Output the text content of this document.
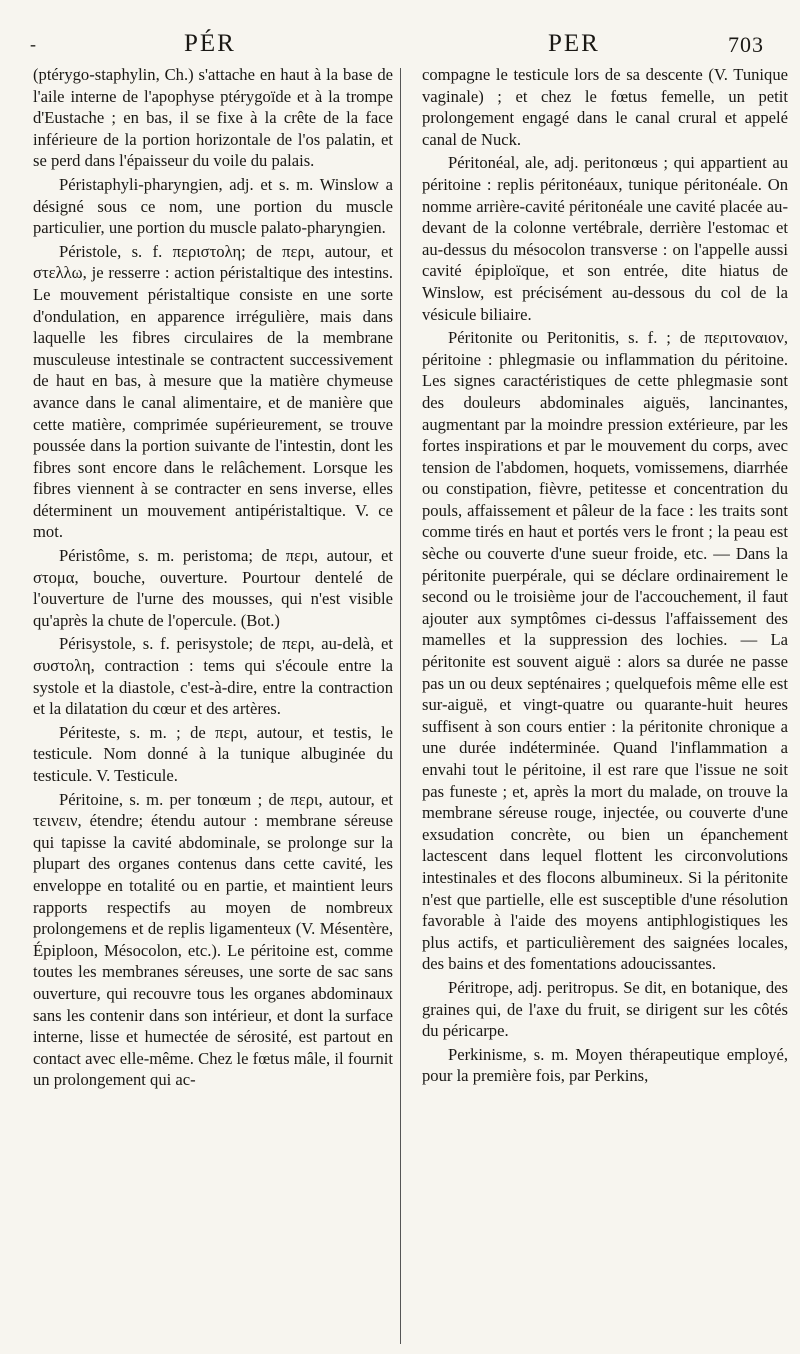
-	PÉR	PER	703

(ptérygo-staphylin, Ch.) s'attache en haut à la base de l'aile interne de l'apophyse ptérygoïde et à la trompe d'Eustache ; en bas, il se fixe à la crête de la face inférieure de la portion horizontale de l'os palatin, et se perd dans l'épaisseur du voile du palais.

Péristaphyli-pharyngien, adj. et s. m. Winslow a désigné sous ce nom, une portion du muscle particulier, une portion du muscle palato-pharyngien.

Péristole, s. f. περιστολη; de περι, autour, et στελλω, je resserre : action péristaltique des intestins. Le mouvement péristaltique consiste en une sorte d'ondulation, en apparence irrégulière, mais dans laquelle les fibres circulaires de la membrane musculeuse intestinale se contractent successivement de haut en bas, à mesure que la matière chymeuse avance dans le canal alimentaire, et de manière que cette matière, comprimée supérieurement, se trouve poussée dans la portion suivante de l'intestin, dont les fibres sont encore dans le relâchement. Lorsque les fibres viennent à se contracter en sens inverse, elles déterminent un mouvement antipéristaltique. V. ce mot.

Péristôme, s. m. peristoma; de περι, autour, et στομα, bouche, ouverture. Pourtour dentelé de l'ouverture de l'urne des mousses, qui n'est visible qu'après la chute de l'opercule. (Bot.)

Périsystole, s. f. perisystole; de περι, au-delà, et συστολη, contraction : tems qui s'écoule entre la systole et la diastole, c'est-à-dire, entre la contraction et la dilatation du cœur et des artères.

Périteste, s. m. ; de περι, autour, et testis, le testicule. Nom donné à la tunique albuginée du testicule. V. Testicule.

Péritoine, s. m. per tonœum ; de περι, autour, et τεινειν, étendre; étendu autour : membrane séreuse qui tapisse la cavité abdominale, se prolonge sur la plupart des organes contenus dans cette cavité, les enveloppe en totalité ou en partie, et maintient leurs rapports respectifs au moyen de nombreux prolongemens et de replis ligamenteux (V. Mésentère, Épiploon, Mésocolon, etc.). Le péritoine est, comme toutes les membranes séreuses, une sorte de sac sans ouverture, qui recouvre tous les organes abdominaux sans les contenir dans son intérieur, et dont la surface interne, lisse et humectée de sérosité, est partout en contact avec elle-même. Chez le fœtus mâle, il fournit un prolongement qui ac-

compagne le testicule lors de sa descente (V. Tunique vaginale) ; et chez le fœtus femelle, un petit prolongement engagé dans le canal crural et appelé canal de Nuck.

Péritonéal, ale, adj. peritonœus ; qui appartient au péritoine : replis péritonéaux, tunique péritonéale. On nomme arrière-cavité péritonéale une cavité placée au-devant de la colonne vertébrale, derrière l'estomac et au-dessus du mésocolon transverse : on l'appelle aussi cavité épiploïque, et son entrée, dite hiatus de Winslow, est précisément au-dessous du col de la vésicule biliaire.

Péritonite ou Peritonitis, s. f. ; de περιτοναιον, péritoine : phlegmasie ou inflammation du péritoine. Les signes caractéristiques de cette phlegmasie sont des douleurs abdominales aiguës, lancinantes, augmentant par la moindre pression extérieure, par les fortes inspirations et par le mouvement du corps, avec tension de l'abdomen, hoquets, vomissemens, diarrhée ou constipation, fièvre, petitesse et concentration du pouls, affaissement et pâleur de la face : les traits sont comme tirés en haut et portés vers le front ; la peau est sèche ou couverte d'une sueur froide, etc. — Dans la péritonite puerpérale, qui se déclare ordinairement le second ou le troisième jour de l'accouchement, il faut ajouter aux symptômes ci-dessus l'affaissement des mamelles et la suppression des lochies. — La péritonite est souvent aiguë : alors sa durée ne passe pas un ou deux septénaires ; quelquefois même elle est sur-aiguë, et vingt-quatre ou quarante-huit heures suffisent à son cours entier : la péritonite chronique a une durée indéterminée. Quand l'inflammation a envahi tout le péritoine, il est rare que l'issue ne soit pas funeste ; et, après la mort du malade, on trouve la membrane séreuse rouge, injectée, ou couverte d'une exsudation concrète, ou bien un épanchement lactescent dans lequel flottent les circonvolutions intestinales et des flocons albumineux. Si la péritonite n'est que partielle, elle est susceptible d'une résolution favorable à l'aide des moyens antiphlogistiques les plus actifs, et particulièrement des saignées locales, des bains et des fomentations adoucissantes.

Péritrope, adj. peritropus. Se dit, en botanique, des graines qui, de l'axe du fruit, se dirigent sur les côtés du péricarpe.

Perkinisme, s. m. Moyen thérapeutique employé, pour la première fois, par Perkins,
